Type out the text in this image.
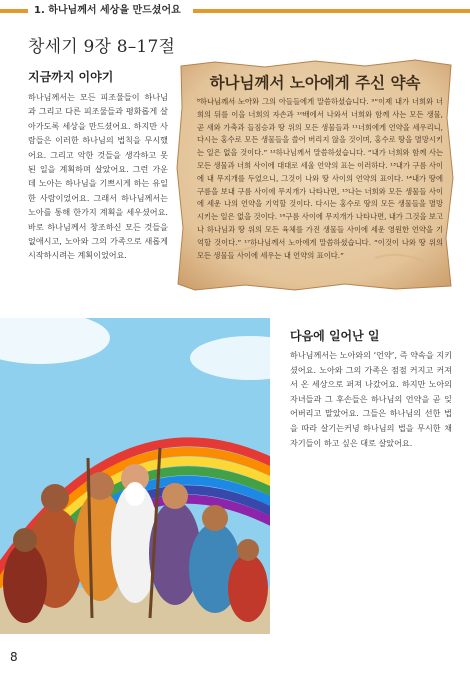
1. 하나님께서 세상을 만드셨어요
창세기 9장 8–17절
지금까지 이야기

하나님께서는 모든 피조물들이 하나님과 그리고 다른 피조물들과 평화롭게 살아가도록 세상을 만드셨어요. 하지만 사람들은 이러한 하나님의 법칙을 무시했어요. 그리고 악한 것들을 생각하고 못된 일을 계획하며 살았어요. 그런 가운데 노아는 하나님을 기쁘시게 하는 유일한 사람이었어요. 그래서 하나님께서는 노아를 통해 한가지 계획을 세우셨어요. 바로 하나님께서 창조하신 모든 것들을 없애시고, 노아와 그의 가족으로 새롭게 시작하시려는 계획이었어요.

하나님께서 노아에게 주신 약속

⁸하나님께서 노아와 그의 아들들에게 말씀하셨습니다. ⁹“이제 내가 너희와 너희의 뒤를 이을 너희의 자손과 ¹⁰배에서 나와서 너희와 함께 사는 모든 생물, 곧 새와 가축과 들짐승과 땅 위의 모든 생물들과 ¹¹너희에게 언약을 세우리니, 다시는 홍수로 모든 생물들을 쓸어 버리지 않을 것이며, 홍수로 땅을 멸망시키는 일은 없을 것이다.” ¹²하나님께서 말씀하셨습니다. “내가 너희와 함께 사는 모든 생물과 너희 사이에 대대로 세울 언약의 표는 이러하다. ¹³내가 구름 사이에 내 무지개를 두었으니, 그것이 나와 땅 사이의 언약의 표이다. ¹⁴내가 땅에 구름을 보내 구름 사이에 무지개가 나타나면, ¹⁵나는 너희와 모든 생물들 사이에 세운 나의 언약을 기억할 것이다. 다시는 홍수로 땅의 모든 생물들을 멸망시키는 일은 없을 것이다. ¹⁶구름 사이에 무지개가 나타나면, 내가 그것을 보고 나 하나님과 땅 위의 모든 육체를 가진 생물들 사이에 세운 영원한 언약을 기억할 것이다.” ¹⁷하나님께서 노아에게 말씀하셨습니다. “이것이 나와 땅 위의 모든 생물들 사이에 세우는 내 언약의 표이다.”

다음에 일어난 일

하나님께서는 노아와의 ‘언약’, 즉 약속을 지키셨어요. 노아와 그의 가족은 점점 커지고 커져서 온 세상으로 퍼져 나갔어요. 하지만 노아의 자녀들과 그 후손들은 하나님의 언약을 곧 잊어버리고 말았어요. 그들은 하나님의 선한 법을 따라 살기는커녕 하나님의 법을 무시한 채 자기들이 하고 싶은 대로 살았어요.

8
